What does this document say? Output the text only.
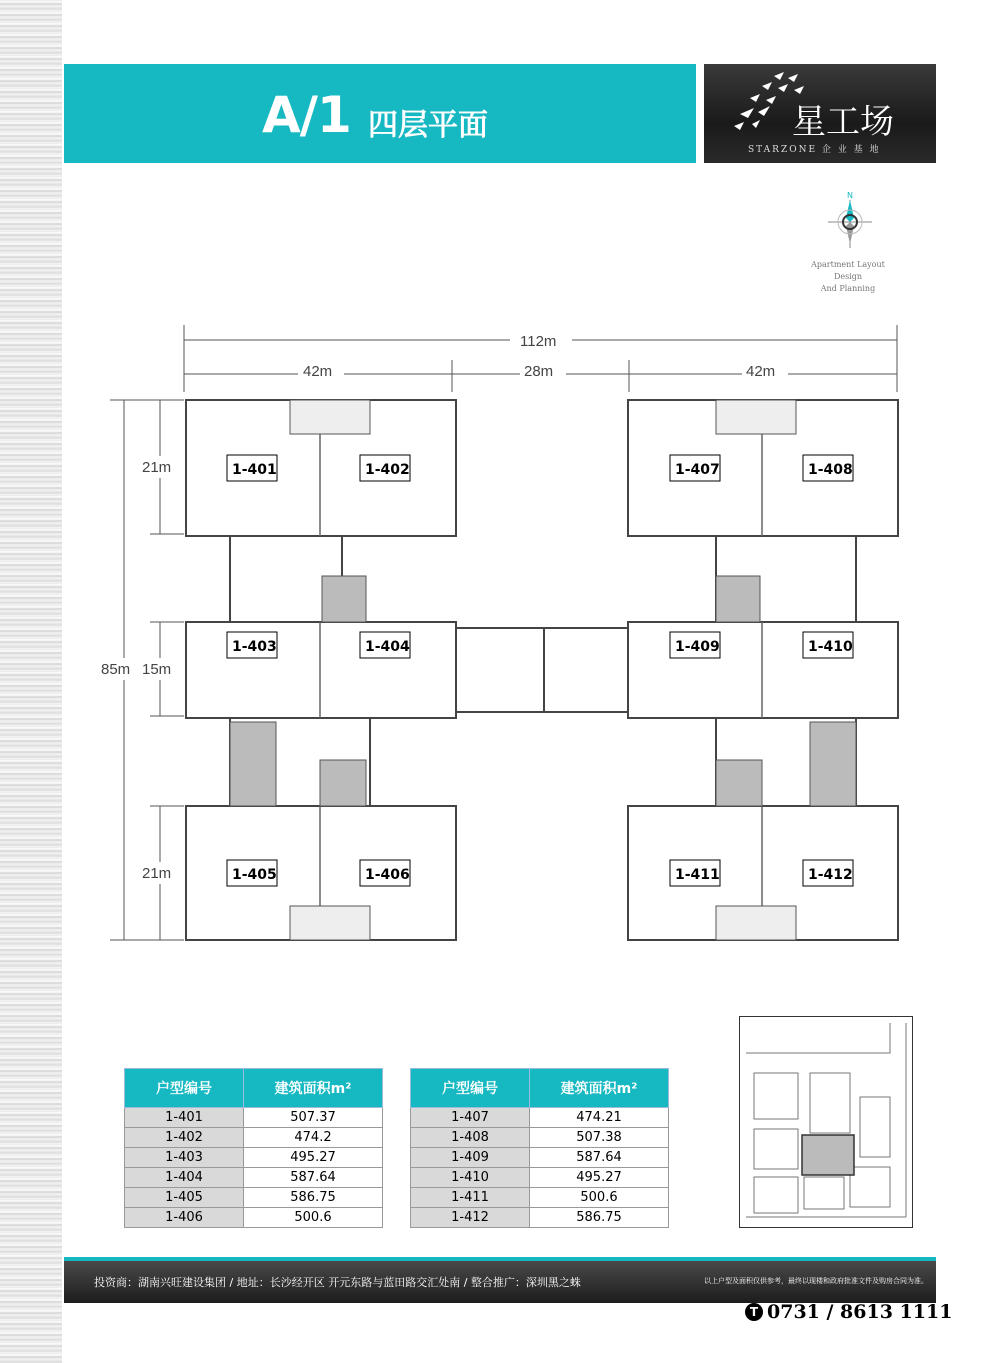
A/1 四层平面	星工场
STARZONE 企 业 基 地
N
Apartment Layout Design
And Planning
112m
42m	28m	42m
21m
85m 15m
21m
1-401	1-402
1-403	1-404
1-405	1-406
1-407	1-408
1-409	1-410
1-411	1-412
户型编号	建筑面积m²
1-401	507.37
1-402	474.2
1-403	495.27
1-404	587.64
1-405	586.75
1-406	500.6
户型编号	建筑面积m²
1-407	474.21
1-408	507.38
1-409	587.64
1-410	495.27
1-411	500.6
1-412	586.75
投资商：湖南兴旺建设集团 / 地址：长沙经开区 开元东路与蓝田路交汇处南 / 整合推广：深圳黑之蛛	以上户型及面积仅供参考，最终以现楼和政府批准文件及购房合同为准。
T 0731 / 8613 1111
